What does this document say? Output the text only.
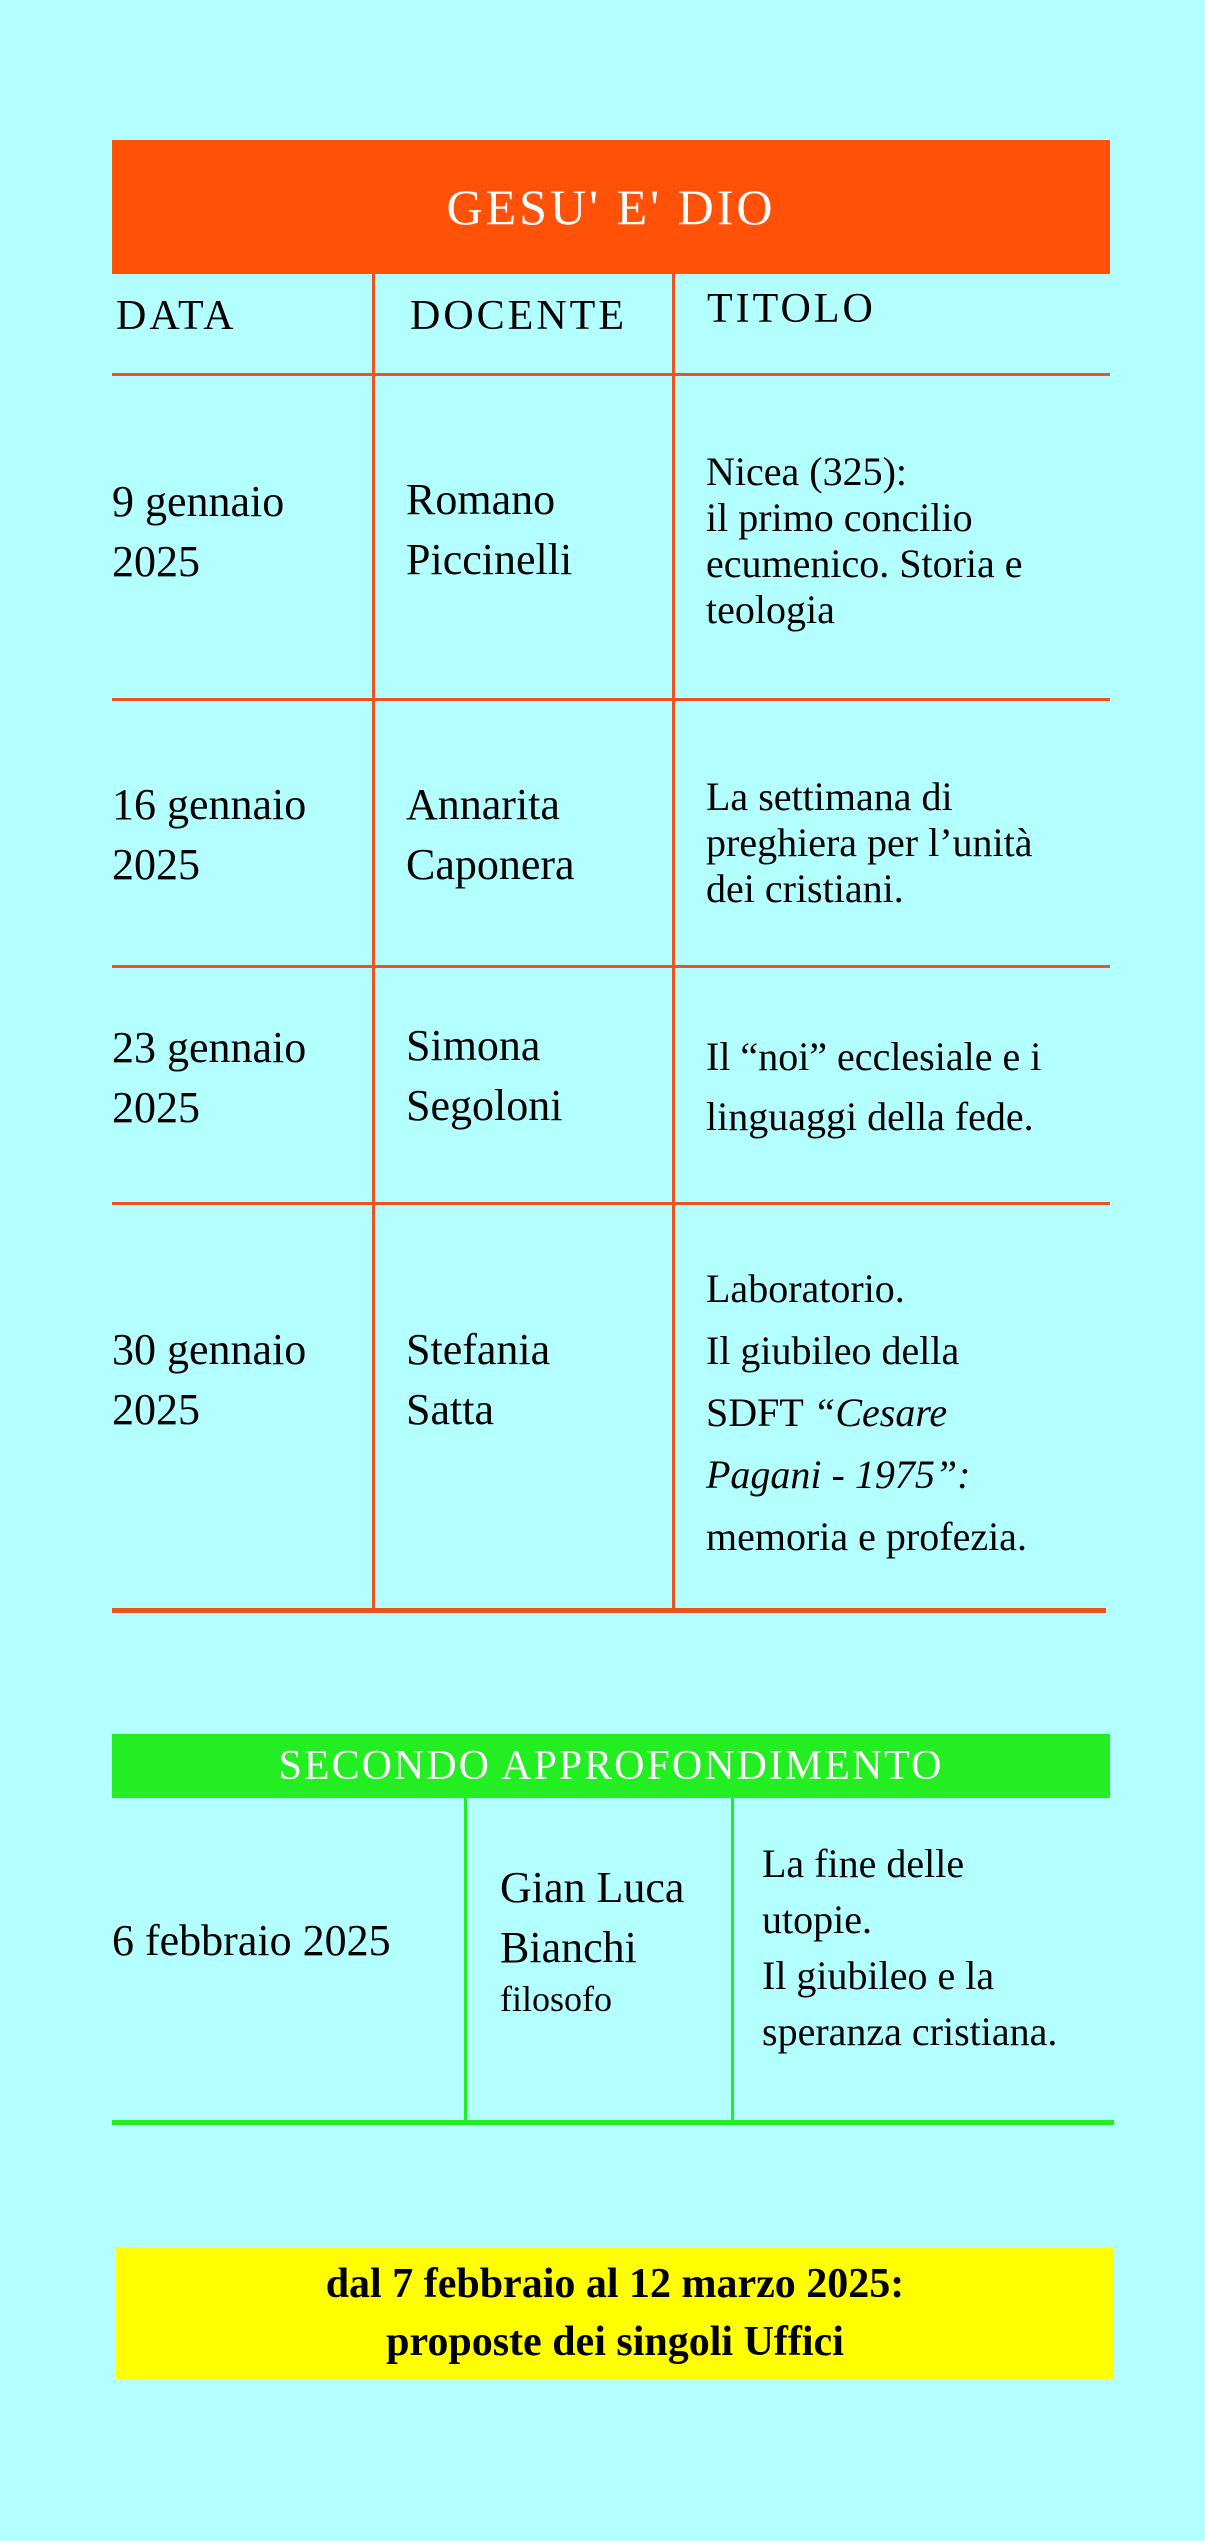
GESU' E' DIO
DATA	DOCENTE TITOLO
9 gennaio
2025
Romano
Piccinelli
Nicea (325):
il primo concilio
ecumenico. Storia e
teologia
16 gennaio
2025
Annarita
Caponera
La settimana di
preghiera per l’unità
dei cristiani.
23 gennaio
2025
Simona
Segoloni
Il “noi” ecclesiale e i
linguaggi della fede.
30 gennaio
2025
Stefania
Satta
Laboratorio.
Il giubileo della
SDFT “Cesare
Pagani - 1975”:
memoria e profezia.
SECONDO APPROFONDIMENTO
6 febbraio 2025
Gian Luca
Bianchi
filosofo
La fine delle
utopie.
Il giubileo e la
speranza cristiana.
dal 7 febbraio al 12 marzo 2025:
proposte dei singoli Uffici
